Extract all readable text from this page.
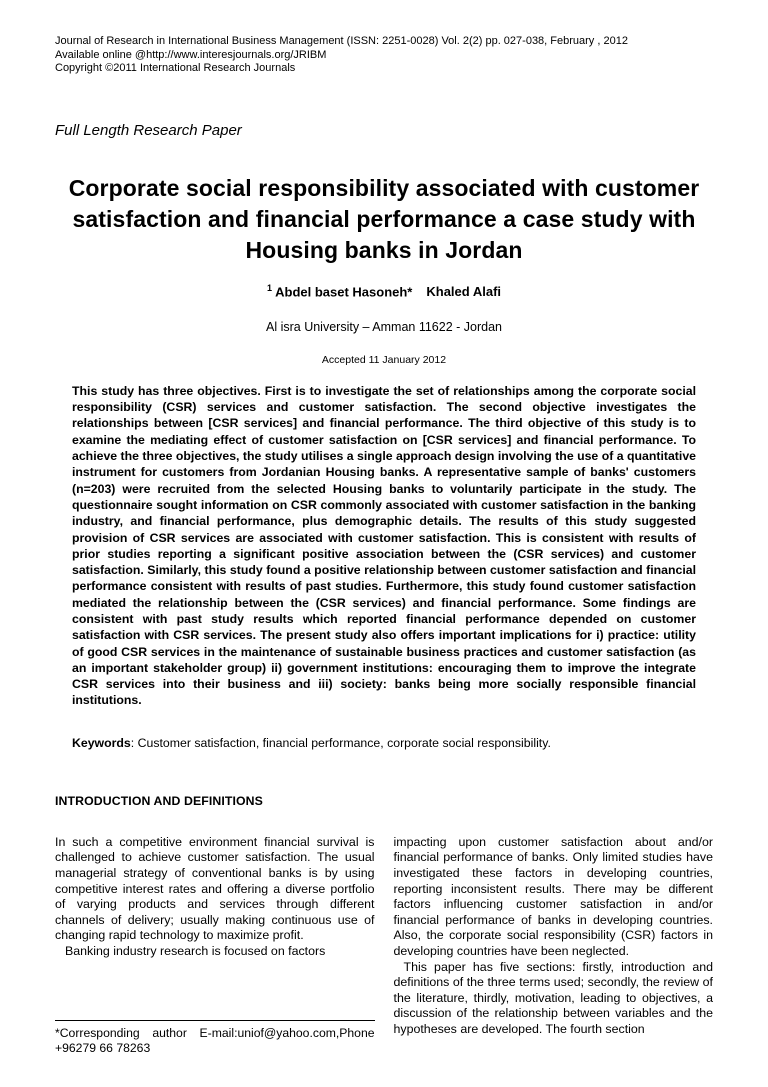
Journal of Research in International Business Management (ISSN: 2251-0028) Vol. 2(2) pp. 027-038, February , 2012
Available online @http://www.interesjournals.org/JRIBM
Copyright ©2011 International Research Journals
Full Length Research Paper
Corporate social responsibility associated with customer satisfaction and financial performance a case study with Housing banks in Jordan
$^1$ Abdel baset Hasoneh* Khaled Alafi
Al isra University – Amman 11622 - Jordan
Accepted 11 January 2012

This study has three objectives. First is to investigate the set of relationships among the corporate social responsibility (CSR) services and customer satisfaction. The second objective investigates the relationships between [CSR services] and financial performance. The third objective of this study is to examine the mediating effect of customer satisfaction on [CSR services] and financial performance. To achieve the three objectives, the study utilises a single approach design involving the use of a quantitative instrument for customers from Jordanian Housing banks. A representative sample of banks' customers (n=203) were recruited from the selected Housing banks to voluntarily participate in the study. The questionnaire sought information on CSR commonly associated with customer satisfaction in the banking industry, and financial performance, plus demographic details. The results of this study suggested provision of CSR services are associated with customer satisfaction. This is consistent with results of prior studies reporting a significant positive association between the (CSR services) and customer satisfaction. Similarly, this study found a positive relationship between customer satisfaction and financial performance consistent with results of past studies. Furthermore, this study found customer satisfaction mediated the relationship between the (CSR services) and financial performance. Some findings are consistent with past study results which reported financial performance depended on customer satisfaction with CSR services. The present study also offers important implications for i) practice: utility of good CSR services in the maintenance of sustainable business practices and customer satisfaction (as an important stakeholder group) ii) government institutions: encouraging them to improve the integrate CSR services into their business and iii) society: banks being more socially responsible financial institutions.

Keywords: Customer satisfaction, financial performance, corporate social responsibility.

INTRODUCTION AND DEFINITIONS

In such a competitive environment financial survival is challenged to achieve customer satisfaction. The usual managerial strategy of conventional banks is by using competitive interest rates and offering a diverse portfolio of varying products and services through different channels of delivery; usually making continuous use of changing rapid technology to maximize profit.

Banking industry research is focused on factors

*Corresponding author E-mail:uniof@yahoo.com,Phone +96279 66 78263

impacting upon customer satisfaction about and/or financial performance of banks. Only limited studies have investigated these factors in developing countries, reporting inconsistent results. There may be different factors influencing customer satisfaction in and/or financial performance of banks in developing countries. Also, the corporate social responsibility (CSR) factors in developing countries have been neglected.

This paper has five sections: firstly, introduction and definitions of the three terms used; secondly, the review of the literature, thirdly, motivation, leading to objectives, a discussion of the relationship between variables and the hypotheses are developed. The fourth section
